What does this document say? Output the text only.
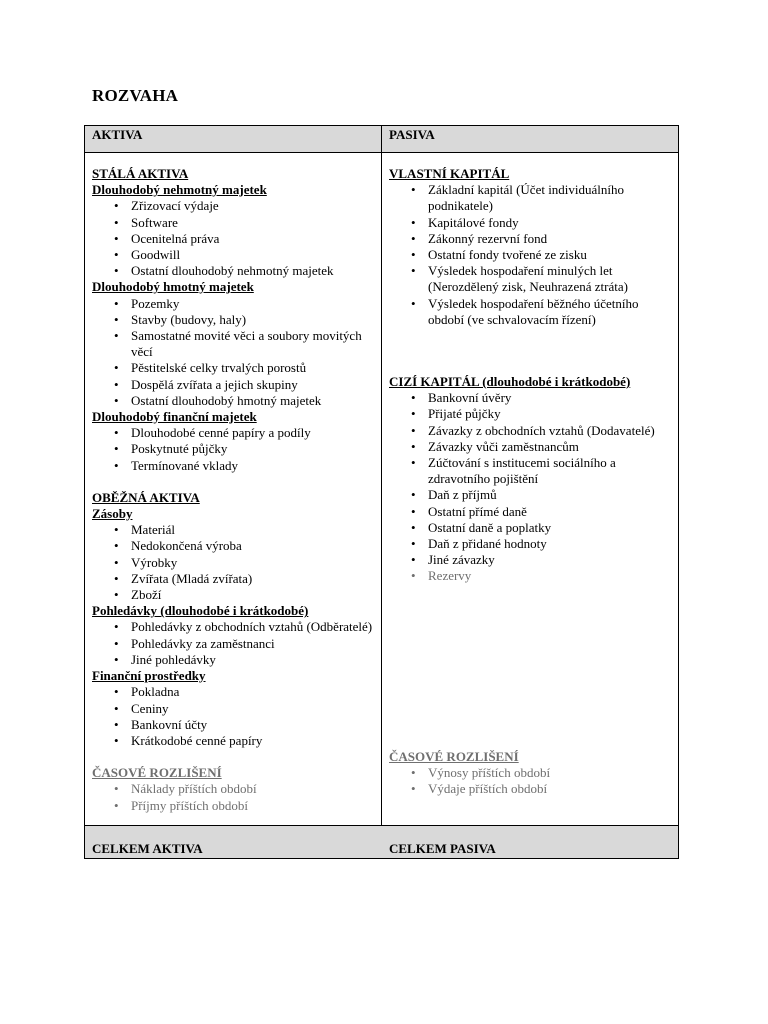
ROZVAHA
AKTIVA	PASIVA
STÁLÁ AKTIVA
Dlouhodobý nehmotný majetek
• Zřizovací výdaje
• Software
• Ocenitelná práva
• Goodwill
• Ostatní dlouhodobý nehmotný majetek
Dlouhodobý hmotný majetek
• Pozemky
• Stavby (budovy, haly)
• Samostatné movité věci a soubory movitých věcí
• Pěstitelské celky trvalých porostů
• Dospělá zvířata a jejich skupiny
• Ostatní dlouhodobý hmotný majetek
Dlouhodobý finanční majetek
• Dlouhodobé cenné papíry a podíly
• Poskytnuté půjčky
• Termínované vklady
OBĚŽNÁ AKTIVA
Zásoby
• Materiál
• Nedokončená výroba
• Výrobky
• Zvířata (Mladá zvířata)
• Zboží
Pohledávky (dlouhodobé i krátkodobé)
• Pohledávky z obchodních vztahů (Odběratelé)
• Pohledávky za zaměstnanci
• Jiné pohledávky
Finanční prostředky
• Pokladna
• Ceniny
• Bankovní účty
• Krátkodobé cenné papíry
ČASOVÉ ROZLIŠENÍ
• Náklady příštích období
• Příjmy příštích období
VLASTNÍ KAPITÁL
• Základní kapitál (Účet individuálního podnikatele)
• Kapitálové fondy
• Zákonný rezervní fond
• Ostatní fondy tvořené ze zisku
• Výsledek hospodaření minulých let (Nerozdělený zisk, Neuhrazená ztráta)
• Výsledek hospodaření běžného účetního období (ve schvalovacím řízení)
CIZÍ KAPITÁL (dlouhodobé i krátkodobé)
• Bankovní úvěry
• Přijaté půjčky
• Závazky z obchodních vztahů (Dodavatelé)
• Závazky vůči zaměstnancům
• Zúčtování s institucemi sociálního a zdravotního pojištění
• Daň z příjmů
• Ostatní přímé daně
• Ostatní daně a poplatky
• Daň z přidané hodnoty
• Jiné závazky
• Rezervy
ČASOVÉ ROZLIŠENÍ
• Výnosy příštích období
• Výdaje příštích období
CELKEM AKTIVA	CELKEM PASIVA
